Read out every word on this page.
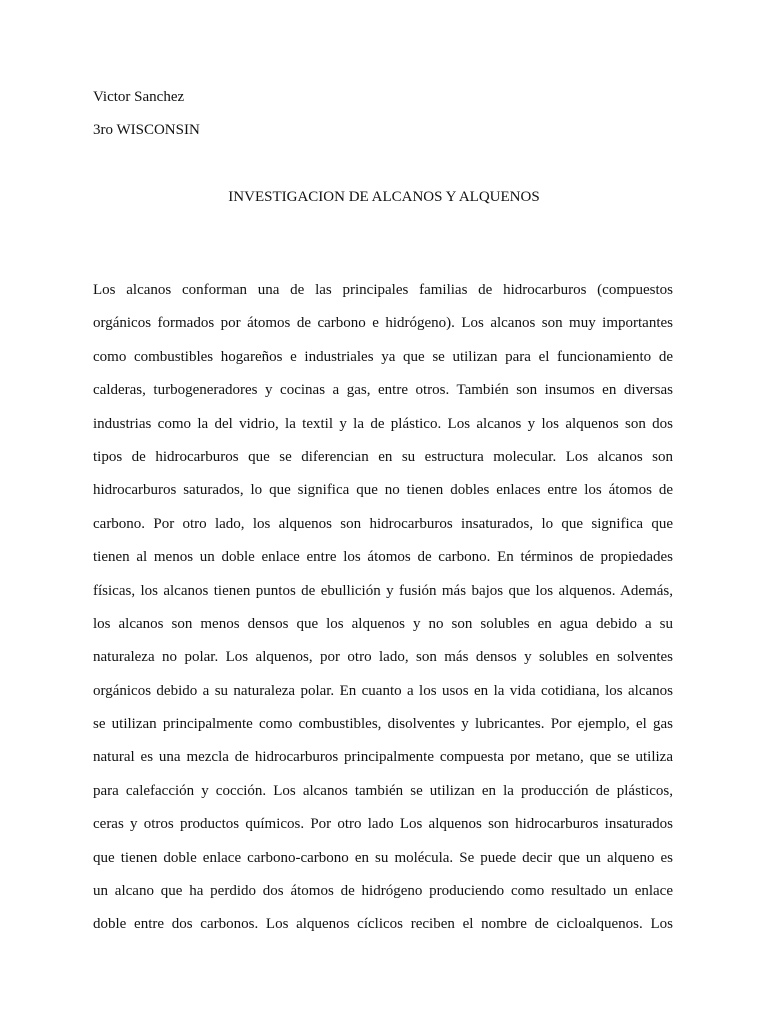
Victor Sanchez
3ro WISCONSIN
INVESTIGACION DE ALCANOS Y ALQUENOS
Los alcanos conforman una de las principales familias de hidrocarburos (compuestos
orgánicos formados por átomos de carbono e hidrógeno). Los alcanos son muy importantes
como combustibles hogareños e industriales ya que se utilizan para el funcionamiento de
calderas, turbogeneradores y cocinas a gas, entre otros. También son insumos en diversas
industrias como la del vidrio, la textil y la de plástico. Los alcanos y los alquenos son dos
tipos de hidrocarburos que se diferencian en su estructura molecular. Los alcanos son
hidrocarburos saturados, lo que significa que no tienen dobles enlaces entre los átomos de
carbono. Por otro lado, los alquenos son hidrocarburos insaturados, lo que significa que
tienen al menos un doble enlace entre los átomos de carbono. En términos de propiedades
físicas, los alcanos tienen puntos de ebullición y fusión más bajos que los alquenos. Además,
los alcanos son menos densos que los alquenos y no son solubles en agua debido a su
naturaleza no polar. Los alquenos, por otro lado, son más densos y solubles en solventes
orgánicos debido a su naturaleza polar. En cuanto a los usos en la vida cotidiana, los alcanos
se utilizan principalmente como combustibles, disolventes y lubricantes. Por ejemplo, el gas
natural es una mezcla de hidrocarburos principalmente compuesta por metano, que se utiliza
para calefacción y cocción. Los alcanos también se utilizan en la producción de plásticos,
ceras y otros productos químicos. Por otro lado Los alquenos son hidrocarburos insaturados
que tienen doble enlace carbono-carbono en su molécula. Se puede decir que un alqueno es
un alcano que ha perdido dos átomos de hidrógeno produciendo como resultado un enlace
doble entre dos carbonos. Los alquenos cíclicos reciben el nombre de cicloalquenos. Los
